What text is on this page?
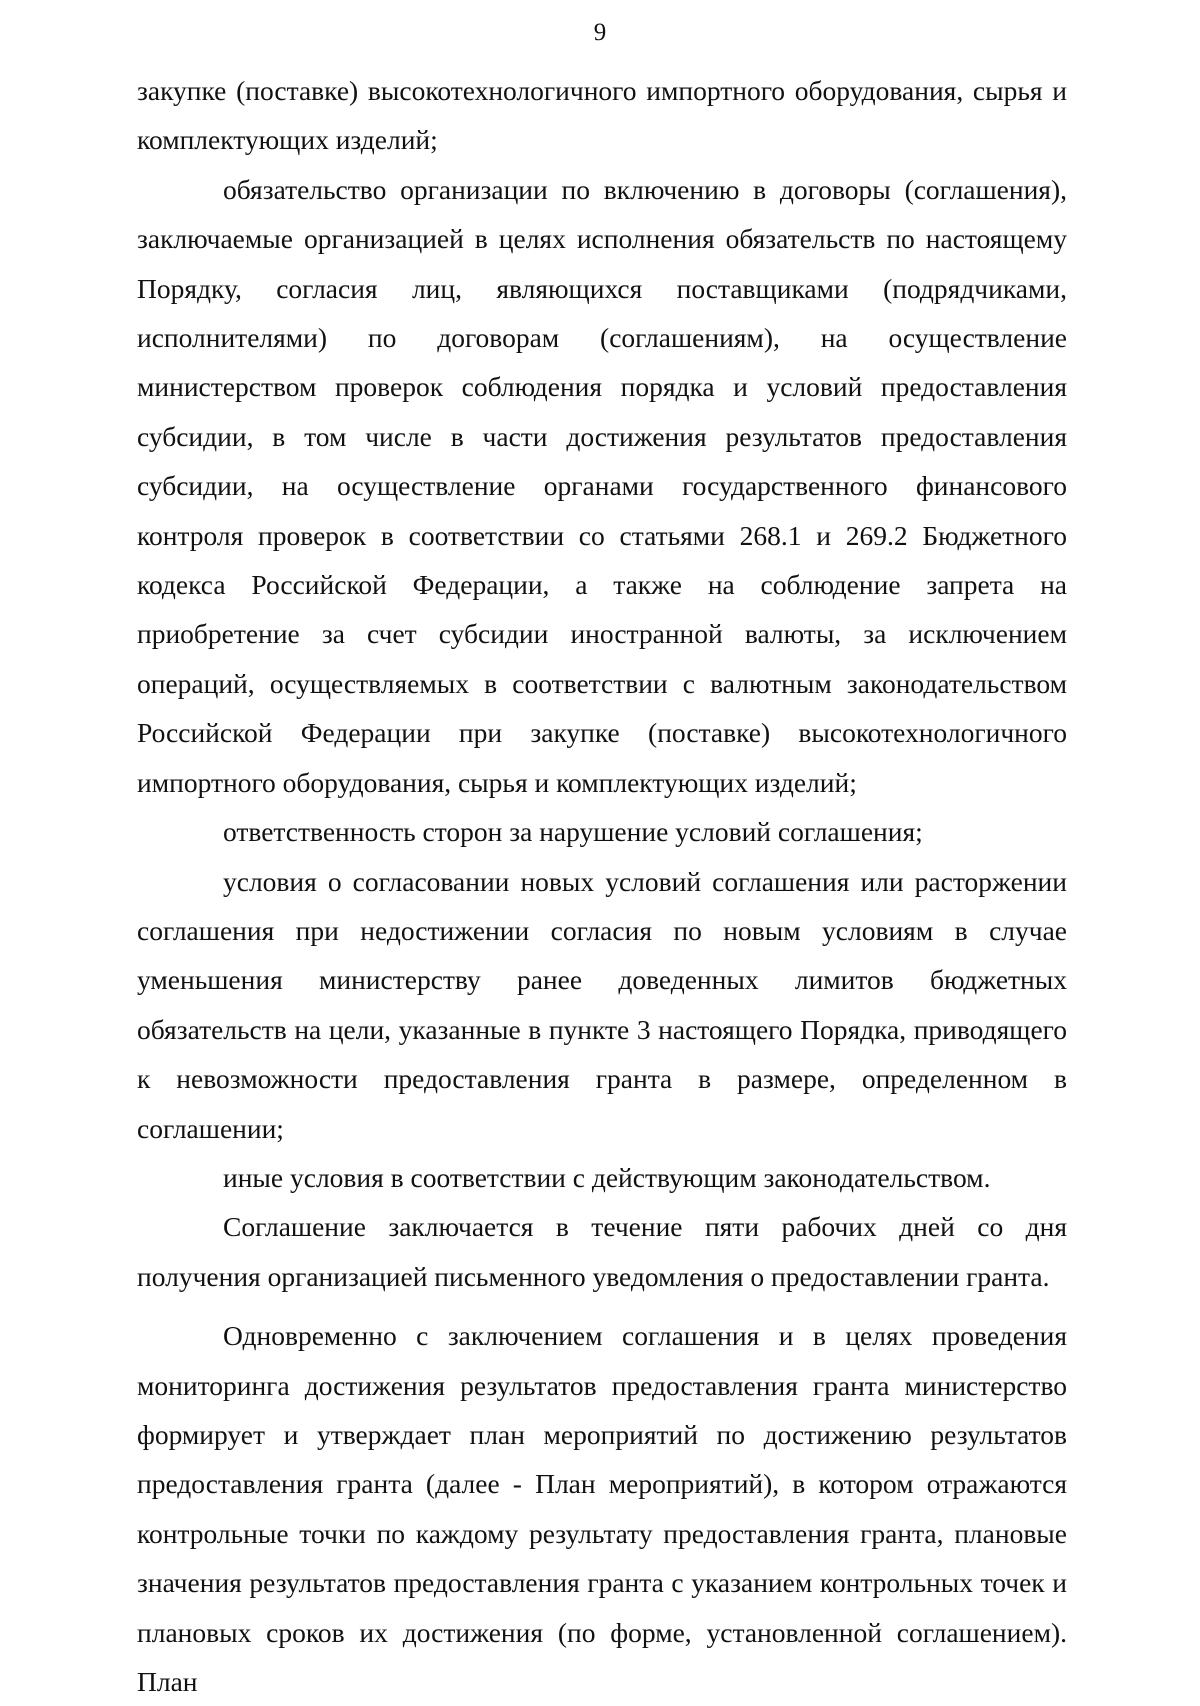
9

закупке (поставке) высокотехнологичного импортного оборудования, сырья и комплектующих изделий;

обязательство организации по включению в договоры (соглашения), заключаемые организацией в целях исполнения обязательств по настоящему Порядку, согласия лиц, являющихся поставщиками (подрядчиками, исполнителями) по договорам (соглашениям), на осуществление министерством проверок соблюдения порядка и условий предоставления субсидии, в том числе в части достижения результатов предоставления субсидии, на осуществление органами государственного финансового контроля проверок в соответствии со статьями 268.1 и 269.2 Бюджетного кодекса Российской Федерации, а также на соблюдение запрета на приобретение за счет субсидии иностранной валюты, за исключением операций, осуществляемых в соответствии с валютным законодательством Российской Федерации при закупке (поставке) высокотехнологичного импортного оборудования, сырья и комплектующих изделий;

ответственность сторон за нарушение условий соглашения;

условия о согласовании новых условий соглашения или расторжении соглашения при недостижении согласия по новым условиям в случае уменьшения министерству ранее доведенных лимитов бюджетных обязательств на цели, указанные в пункте 3 настоящего Порядка, приводящего к невозможности предоставления гранта в размере, определенном в соглашении;

иные условия в соответствии с действующим законодательством.

Соглашение заключается в течение пяти рабочих дней со дня получения организацией письменного уведомления о предоставлении гранта.

Одновременно с заключением соглашения и в целях проведения мониторинга достижения результатов предоставления гранта министерство формирует и утверждает план мероприятий по достижению результатов предоставления гранта (далее - План мероприятий), в котором отражаются контрольные точки по каждому результату предоставления гранта, плановые значения результатов предоставления гранта с указанием контрольных точек и плановых сроков их достижения (по форме, установленной соглашением). План
